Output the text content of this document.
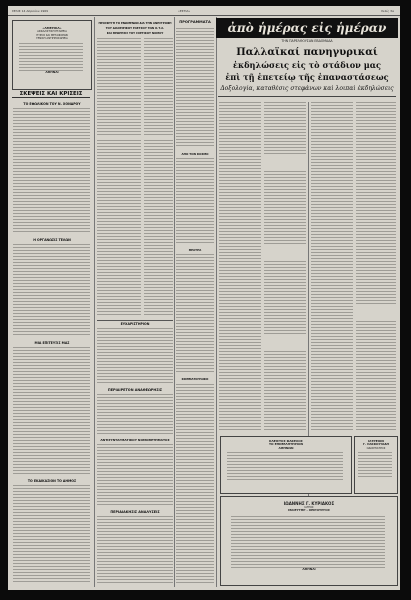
ΣΕΛΙΣ 14 Απριλίου 1969	«ΕΣΤΙΑ»	Σελίς 3α
«ΑΜΕΡΙΚΑ»
ΑΣΦΑΛΙΣΤΙΚΗ ΕΤΑΙΡΕΙΑ
ΠΥΡΟΣ ΚΑΙ ΜΕΤΑΦΟΡΩΝ
ΓΕΝΙΚΗ ΑΝΤΙΠΡΟΣΩΠΕΙΑ
ΑΘΗΝΑΙ
ΣΚΕΨΕΙΣ ΚΑΙ ΚΡΙΣΕΙΣ
ΤΟ ΕΦΩΛΙΚΟΝ ΤΟΥ Ν. ΧΟΝΔΡΟΥ
Η ΟΡΓΑΝΩΣΙΣ ΤΕΛΩΝ
ΜΙΑ ΕΠΙΤΕΥΞΙΣ ΜΑΣ
ΤΟ ΕΚΔΙΚΑΣΙΟΝ ΤΟ ΔΗΜΟΣ
ΠΡΟΣΦΥΓΗ ΤΟ ΕΝΩΜΕΝΩΝ ΔΙΑ ΤΗΝ ΑΝΕΣΤΡΟΦΗ
ΤΟΥ ΔΙΑΧΕΙΡΙΚΟΥ ΕΛΕΓΧΟΥ ΤΩΝ Ο.Τ.Α.
ΚΑΙ ΘΕΩΡΗΣΙΣ ΤΟΥ ΣΧΕΤΙΚΟΥ ΝΟΜΟΥ
ΕΥΧΑΡΙΣΤΗΡΙΟΝ
ΠΕΡΙΑΙΡΕΤΟΝ ΑΝΑΘΕΩΡΗΣΙΣ
ΑΝΤΙΣΥΝΤΑΓΜΑΤΙΚΟΥ ΝΟΜΟΘΕΤΗΜΑΤΟΣ
ΠΕΡΙΔΙΑΚΗΣΙΣ ΑΝΑΛΥΣΕΙΣ
ΠΡΟΓΡΑΜΜΑΤΑ
ΑΠΟ ΤΟΝ ΚΟΣΜΟ
ΘΕΑΤΡΑ
ΚΙΝΗΜΑΤΟΓΡΑΦΟΙ
ἀπὸ ἡμέρας εἰς ἡμέραν
ΤΗΝ ΠΑΡΕΛΘΟΥΣΑΝ ΕΒΔΟΜΑΔΑ
Παλλαϊκαί πανηγυρικαί
ἐκδηλώσεις εἰς τὸ στάδιον μας
ἐπὶ τῇ ἐπετείῳ τῆς ἐπαναστάσεως
Δοξολογία, καταθέσις στεφάνων καὶ λοιπαὶ ἐκδηλώσεις
ΚΛΕΙΣΤΟΣ ΦΑΚΕΛΟΣ
ΤΟ ΕΠΙΜΕΛΗΤΗΡΙΟΝ
ΑΘΗΝΩΝ
ΙΩΑΝΝΗΣ Γ. ΚΥΡΙΑΚΟΣ
ΙΑΤΡΟΣ
ΜΑΙΕΥΤΗΡ - ΧΕΙΡΟΥΡΓΟΣ
ΑΘΗΝΑΙ
ΙΑΤΡΕΙΟΝ
Γ. ΣΑΚΚΟΥΛΙΔΗ
ΟΔΟΝΤΙΑΤΡΟΣ
